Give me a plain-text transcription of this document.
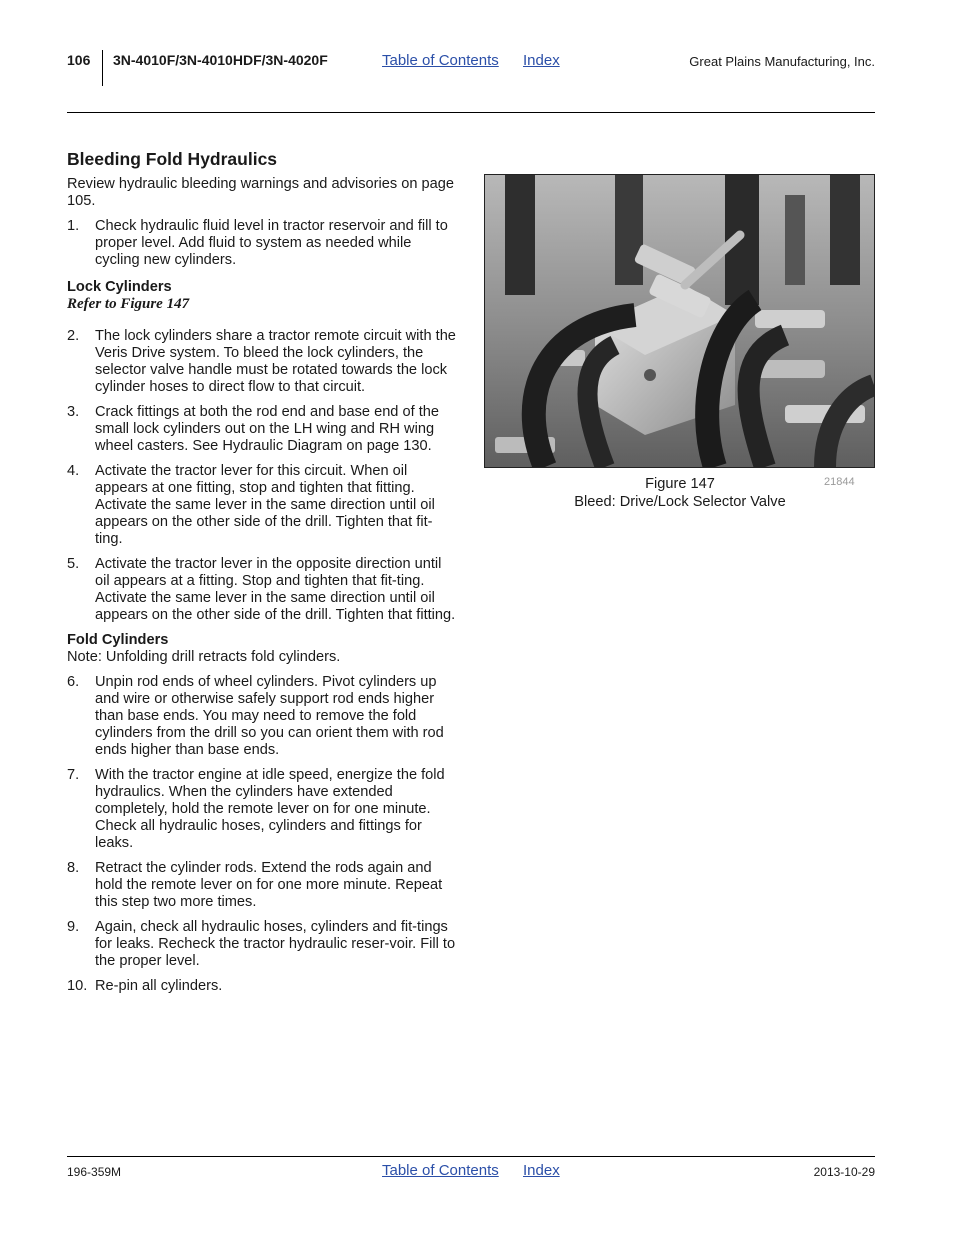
106 3N-4010F/3N-4010HDF/3N-4020F	Table of Contents Index	Great Plains Manufacturing, Inc.
Bleeding Fold Hydraulics

Review hydraulic bleeding warnings and advisories on page 105.

1.	Check hydraulic fluid level in tractor reservoir and fill to proper level. Add fluid to system as needed while cycling new cylinders.

Lock Cylinders

Refer to Figure 147

2.	The lock cylinders share a tractor remote circuit with the Veris Drive system. To bleed the lock cylinders, the selector valve handle must be rotated towards the lock cylinder hoses to direct flow to that circuit.
3.	Crack fittings at both the rod end and base end of the small lock cylinders out on the LH wing and RH wing wheel casters. See Hydraulic Diagram on page 130.
4.	Activate the tractor lever for this circuit. When oil appears at one fitting, stop and tighten that fitting. Activate the same lever in the same direction until oil appears on the other side of the drill. Tighten that fit-ting.
5.	Activate the tractor lever in the opposite direction until oil appears at a fitting. Stop and tighten that fit-ting. Activate the same lever in the same direction until oil appears on the other side of the drill. Tighten that fitting.

Fold Cylinders

Note: Unfolding drill retracts fold cylinders.

6.	Unpin rod ends of wheel cylinders. Pivot cylinders up and wire or otherwise safely support rod ends higher than base ends. You may need to remove the fold cylinders from the drill so you can orient them with rod ends higher than base ends.
7.	With the tractor engine at idle speed, energize the fold hydraulics. When the cylinders have extended completely, hold the remote lever on for one minute. Check all hydraulic hoses, cylinders and fittings for leaks.
8.	Retract the cylinder rods. Extend the rods again and hold the remote lever on for one more minute. Repeat this step two more times.
9.	Again, check all hydraulic hoses, cylinders and fit-tings for leaks. Recheck the tractor hydraulic reser-voir. Fill to the proper level.
10. Re-pin all cylinders.
Figure 147
Bleed: Drive/Lock Selector Valve
21844
196-359M	Table of Contents Index	2013-10-29
